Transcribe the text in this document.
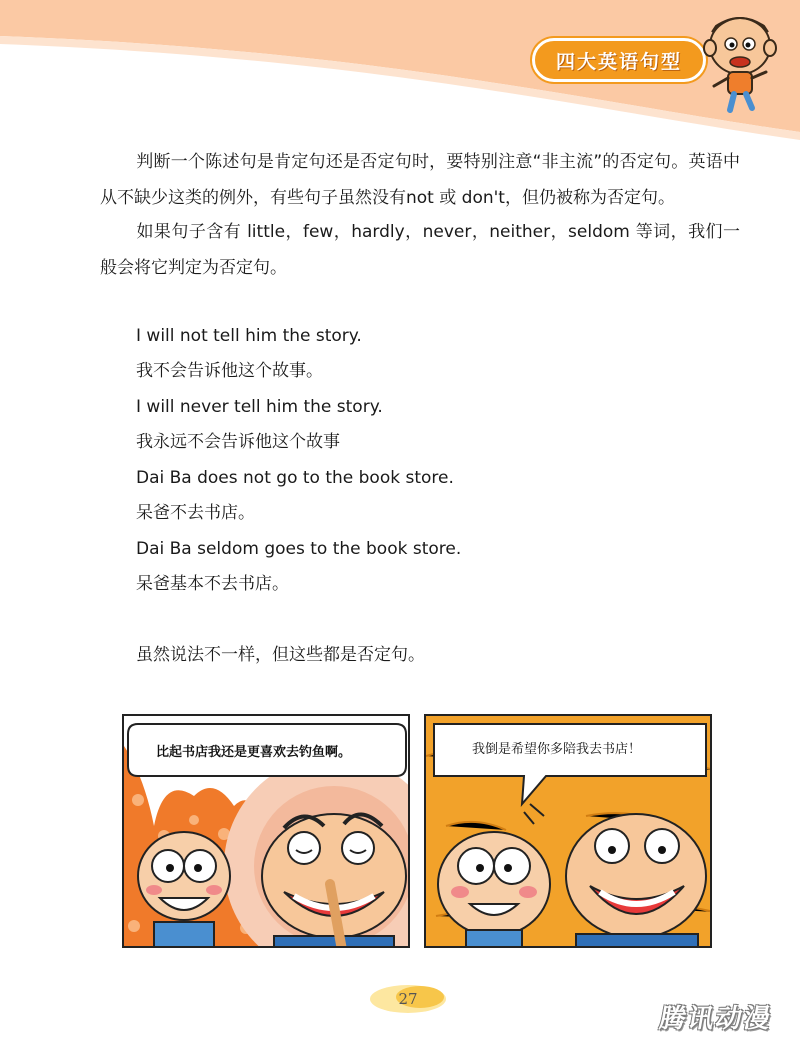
四大英语句型
判断一个陈述句是肯定句还是否定句时，要特别注意“非主流”的否定句。英语中从不缺少这类的例外，有些句子虽然没有not 或 don't，但仍被称为否定句。
如果句子含有 little，few，hardly，never，neither，seldom 等词，我们一般会将它判定为否定句。
I will not tell him the story.
我不会告诉他这个故事。
I will never tell him the story.
我永远不会告诉他这个故事
Dai Ba does not go to the book store.
呆爸不去书店。
Dai Ba seldom goes to the book store.
呆爸基本不去书店。
虽然说法不一样，但这些都是否定句。
比起书店我还是更喜欢去钓鱼啊。	我倒是希望你多陪我去书店！
27
腾讯动漫
